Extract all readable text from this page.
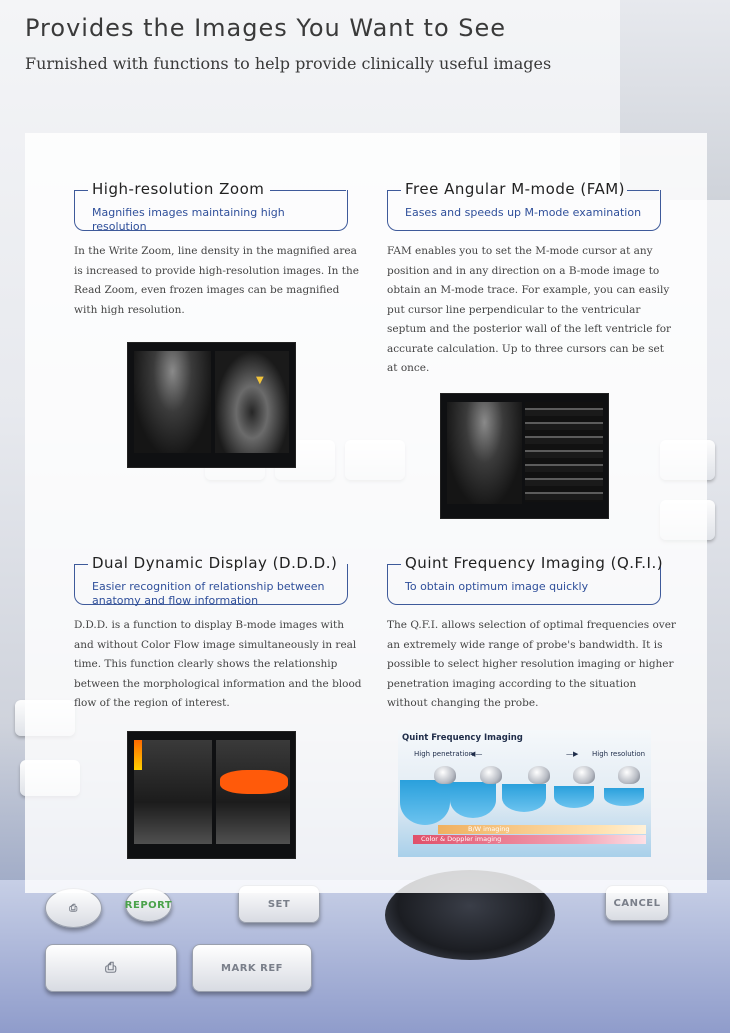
⎙	REPORT	SET	CANCEL
⎙	MARK REF
Provides the Images You Want to See

Furnished with functions to help provide clinically useful images

High-resolution Zoom
Magnifies images maintaining high resolution
In the Write Zoom, line density in the magnified area is increased to provide high-resolution images. In the Read Zoom, even frozen images can be magnified with high resolution.
▼
Free Angular M-mode (FAM)
Eases and speeds up M-mode examination
FAM enables you to set the M-mode cursor at any position and in any direction on a B-mode image to obtain an M-mode trace. For example, you can easily put cursor line perpendicular to the ventricular septum and the posterior wall of the left ventricle for accurate calculation. Up to three cursors can be set at once.
Dual Dynamic Display (D.D.D.)
Easier recognition of relationship between anatomy and flow information
D.D.D. is a function to display B-mode images with and without Color Flow image simultaneously in real time. This function clearly shows the relationship between the morphological information and the blood flow of the region of interest.
Quint Frequency Imaging (Q.F.I.)
To obtain optimum image quickly
The Q.F.I. allows selection of optimal frequencies over an extremely wide range of probe's bandwidth. It is possible to select higher resolution imaging or higher penetration imaging according to the situation without changing the probe.
Quint Frequency Imaging
High penetration
◀—	—▶ High resolution
B/W imaging
Color & Doppler imaging
